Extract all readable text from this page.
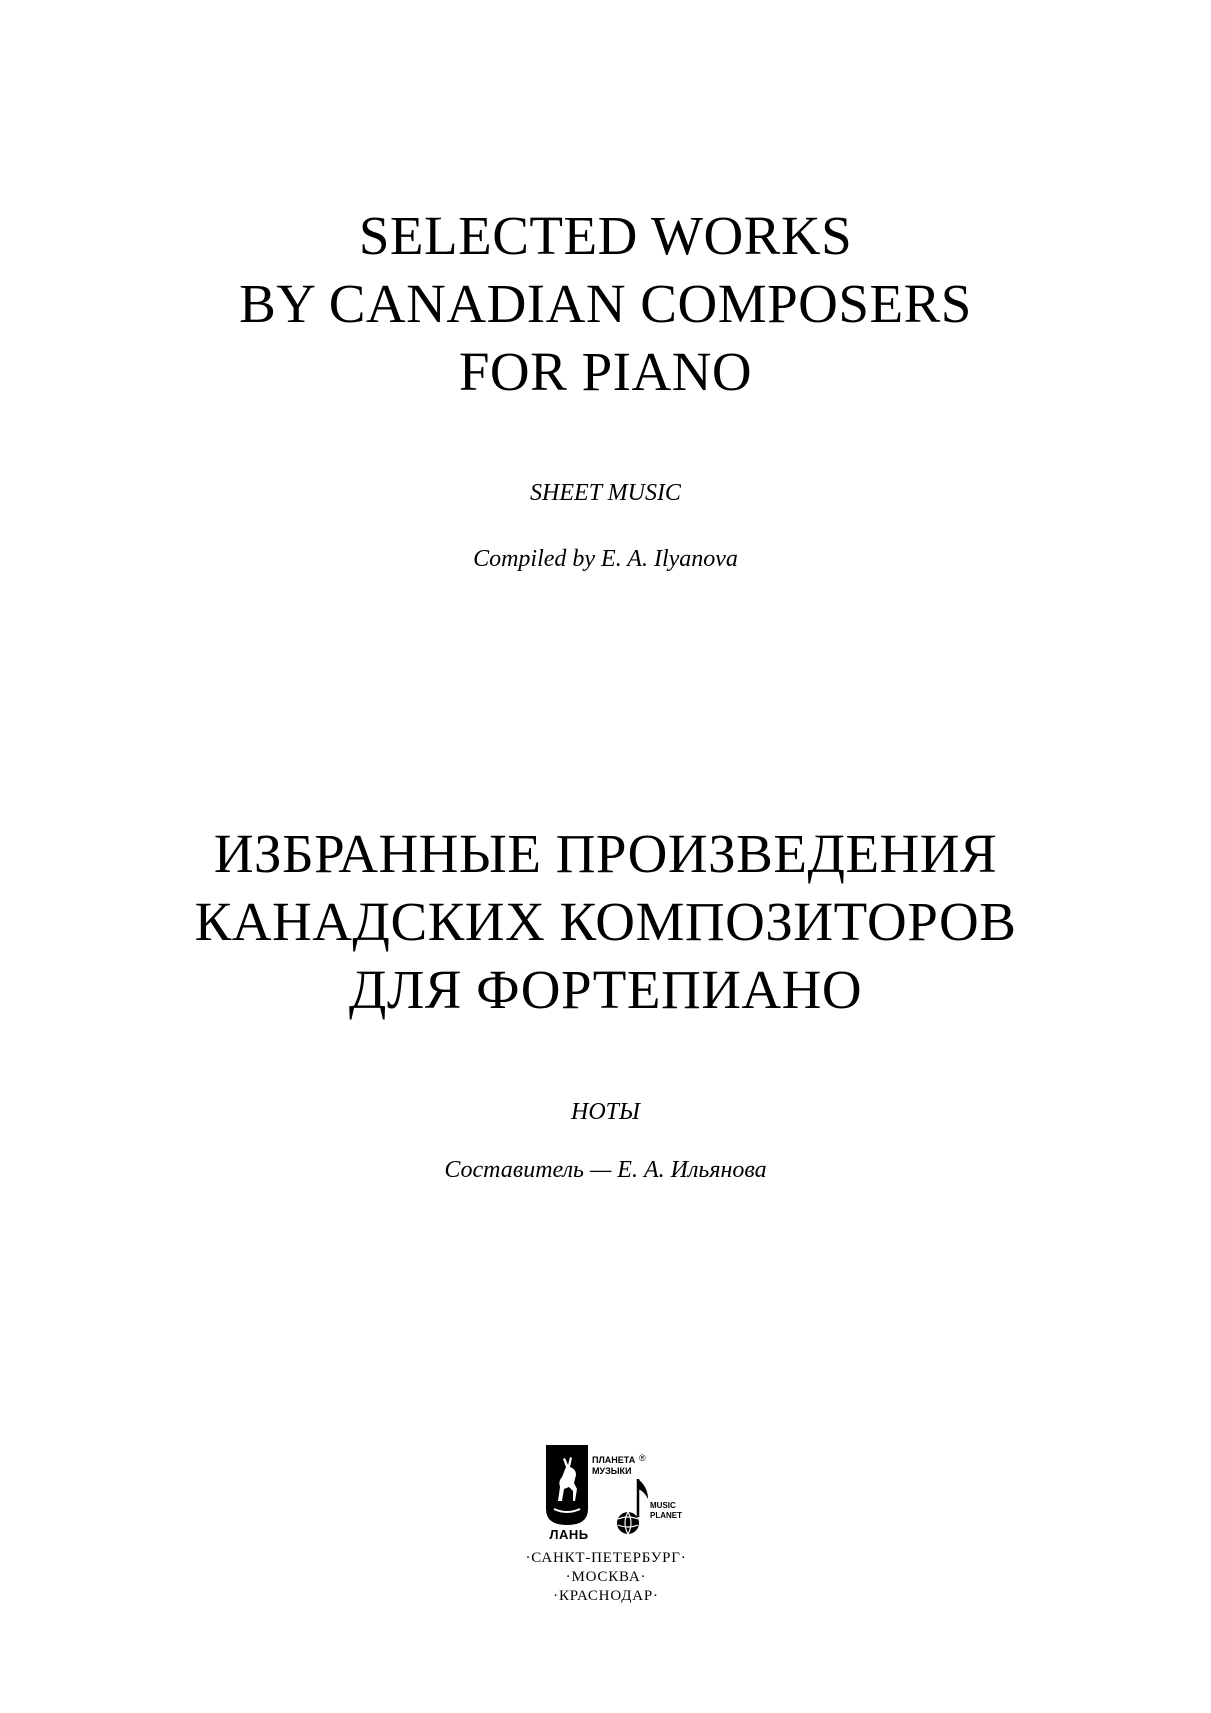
SELECTED WORKS
BY CANADIAN COMPOSERS
FOR PIANO
SHEET MUSIC
Compiled by E. A. Ilyanova
ИЗБРАННЫЕ ПРОИЗВЕДЕНИЯ
КАНАДСКИХ КОМПОЗИТОРОВ
ДЛЯ ФОРТЕПИАНО
НОТЫ
Составитель — Е. А. Ильянова
ЛАНЬ
ПЛАНЕТА
МУЗЫКИ
®
MUSIC
PLANET
·САНКТ-ПЕТЕРБУРГ·
·МОСКВА·
·КРАСНОДАР·
